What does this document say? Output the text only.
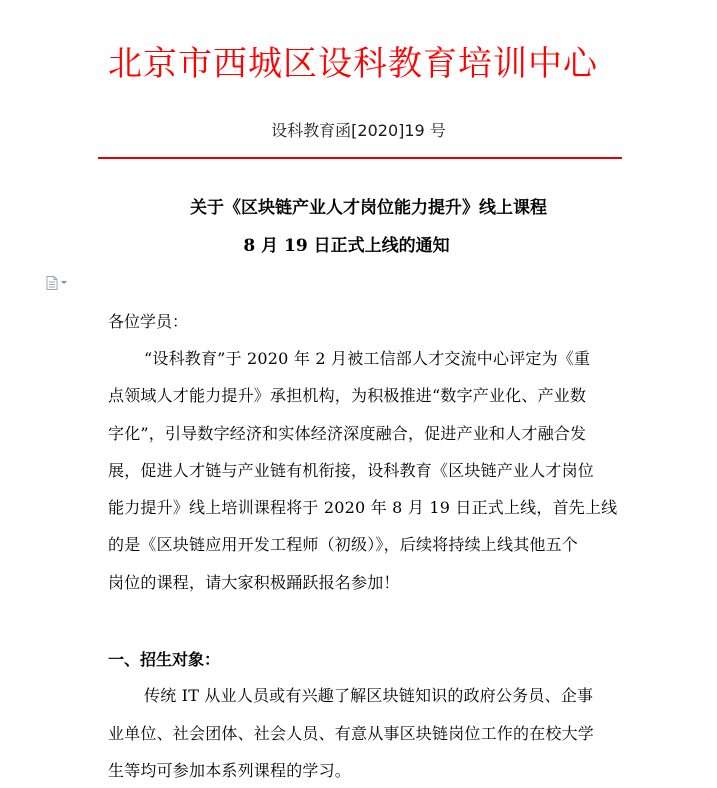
北京市西城区设科教育培训中心
设科教育函[2020]19 号
关于《区块链产业人才岗位能力提升》线上课程
8 月 19 日正式上线的通知
各位学员：
“设科教育”于 2020 年 2 月被工信部人才交流中心评定为《重
点领域人才能力提升》承担机构，为积极推进“数字产业化、产业数
字化”，引导数字经济和实体经济深度融合，促进产业和人才融合发
展，促进人才链与产业链有机衔接，设科教育《区块链产业人才岗位
能力提升》线上培训课程将于 2020 年 8 月 19 日正式上线，首先上线
的是《区块链应用开发工程师（初级）》，后续将持续上线其他五个
岗位的课程，请大家积极踊跃报名参加！
一、招生对象：
传统 IT 从业人员或有兴趣了解区块链知识的政府公务员、企事
业单位、社会团体、社会人员、有意从事区块链岗位工作的在校大学
生等均可参加本系列课程的学习。
